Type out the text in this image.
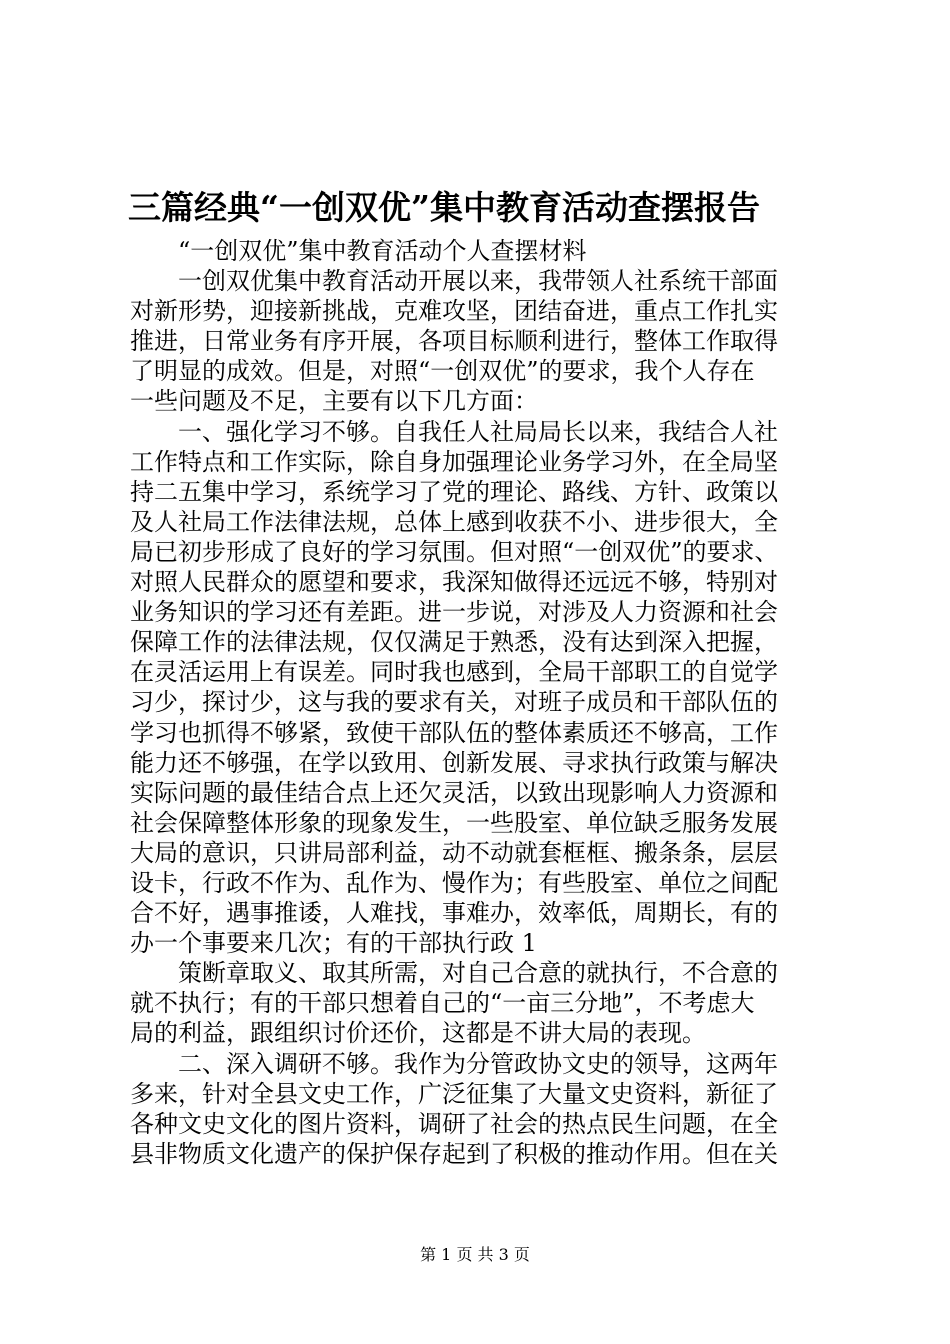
三篇经典“一创双优”集中教育活动查摆报告
“一创双优”集中教育活动个人查摆材料
一创双优集中教育活动开展以来，我带领人社系统干部面
对新形势，迎接新挑战，克难攻坚，团结奋进，重点工作扎实
推进，日常业务有序开展，各项目标顺利进行，整体工作取得
了明显的成效。但是，对照“一创双优”的要求，我个人存在
一些问题及不足，主要有以下几方面：
一、强化学习不够。自我任人社局局长以来，我结合人社
工作特点和工作实际，除自身加强理论业务学习外，在全局坚
持二五集中学习，系统学习了党的理论、路线、方针、政策以
及人社局工作法律法规，总体上感到收获不小、进步很大，全
局已初步形成了良好的学习氛围。但对照“一创双优”的要求、
对照人民群众的愿望和要求，我深知做得还远远不够，特别对
业务知识的学习还有差距。进一步说，对涉及人力资源和社会
保障工作的法律法规，仅仅满足于熟悉，没有达到深入把握，
在灵活运用上有误差。同时我也感到，全局干部职工的自觉学
习少，探讨少，这与我的要求有关，对班子成员和干部队伍的
学习也抓得不够紧，致使干部队伍的整体素质还不够高，工作
能力还不够强，在学以致用、创新发展、寻求执行政策与解决
实际问题的最佳结合点上还欠灵活，以致出现影响人力资源和
社会保障整体形象的现象发生，一些股室、单位缺乏服务发展
大局的意识，只讲局部利益，动不动就套框框、搬条条，层层
设卡，行政不作为、乱作为、慢作为；有些股室、单位之间配
合不好，遇事推诿，人难找，事难办，效率低，周期长，有的
办一个事要来几次；有的干部执行政 1
策断章取义、取其所需，对自己合意的就执行，不合意的
就不执行；有的干部只想着自己的“一亩三分地”，不考虑大
局的利益，跟组织讨价还价，这都是不讲大局的表现。
二、深入调研不够。我作为分管政协文史的领导，这两年
多来，针对全县文史工作，广泛征集了大量文史资料，新征了
各种文史文化的图片资料，调研了社会的热点民生问题，在全
县非物质文化遗产的保护保存起到了积极的推动作用。但在关
第 1 页 共 3 页
